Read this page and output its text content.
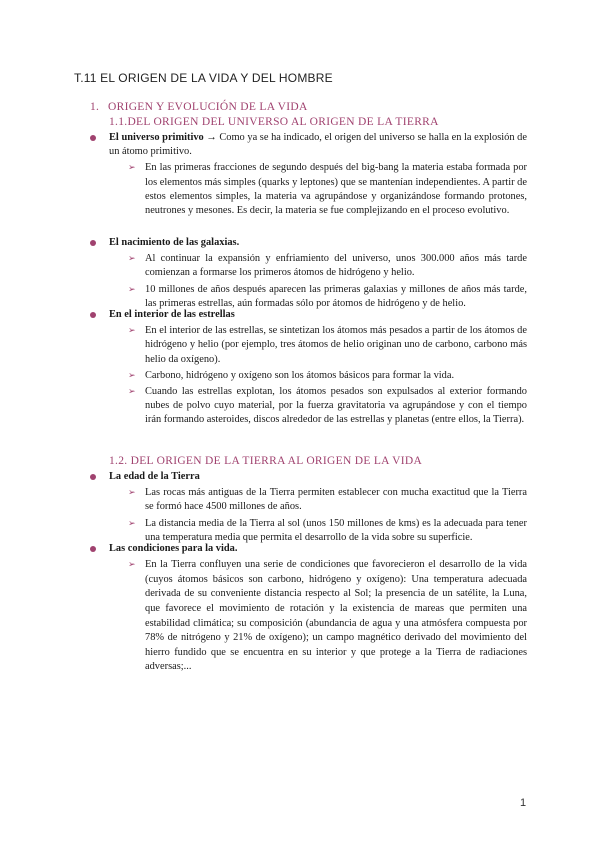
T.11 EL ORIGEN DE LA VIDA Y DEL HOMBRE
1. ORIGEN Y EVOLUCIÓN DE LA VIDA
1.1.DEL ORIGEN DEL UNIVERSO AL ORIGEN DE LA TIERRA

El universo primitivo → Como ya se ha indicado, el origen del universo se halla en la explosión de un átomo primitivo.

➢ En las primeras fracciones de segundo después del big-bang la materia estaba formada por los elementos más simples (quarks y leptones) que se mantenían independientes. A partir de estos elementos simples, la materia va agrupándose y organizándose formando protones, neutrones y mesones. Es decir, la materia se fue complejizando en el proceso evolutivo.

El nacimiento de las galaxias.

➢ Al continuar la expansión y enfriamiento del universo, unos 300.000 años más tarde comienzan a formarse los primeros átomos de hidrógeno y helio.

➢ 10 millones de años después aparecen las primeras galaxias y millones de años más tarde, las primeras estrellas, aún formadas sólo por átomos de hidrógeno y de helio.

En el interior de las estrellas

➢ En el interior de las estrellas, se sintetizan los átomos más pesados a partir de los átomos de hidrógeno y helio (por ejemplo, tres átomos de helio originan uno de carbono, carbono más helio da oxígeno).

➢ Carbono, hidrógeno y oxígeno son los átomos básicos para formar la vida.

➢ Cuando las estrellas explotan, los átomos pesados son expulsados al exterior formando nubes de polvo cuyo material, por la fuerza gravitatoria va agrupándose y con el tiempo irán formando asteroides, discos alrededor de las estrellas y planetas (entre ellos, la Tierra).

1.2. DEL ORIGEN DE LA TIERRA AL ORIGEN DE LA VIDA

La edad de la Tierra

➢ Las rocas más antiguas de la Tierra permiten establecer con mucha exactitud que la Tierra se formó hace 4500 millones de años.

➢ La distancia media de la Tierra al sol (unos 150 millones de kms) es la adecuada para tener una temperatura media que permita el desarrollo de la vida sobre su superficie.

Las condiciones para la vida.

➢ En la Tierra confluyen una serie de condiciones que favorecieron el desarrollo de la vida (cuyos átomos básicos son carbono, hidrógeno y oxígeno): Una temperatura adecuada derivada de su conveniente distancia respecto al Sol; la presencia de un satélite, la Luna, que favorece el movimiento de rotación y la existencia de mareas que permiten una estabilidad climática; su composición (abundancia de agua y una atmósfera compuesta por 78% de nitrógeno y 21% de oxígeno); un campo magnético derivado del movimiento del hierro fundido que se encuentra en su interior y que protege a la Tierra de radiaciones adversas;...

1
